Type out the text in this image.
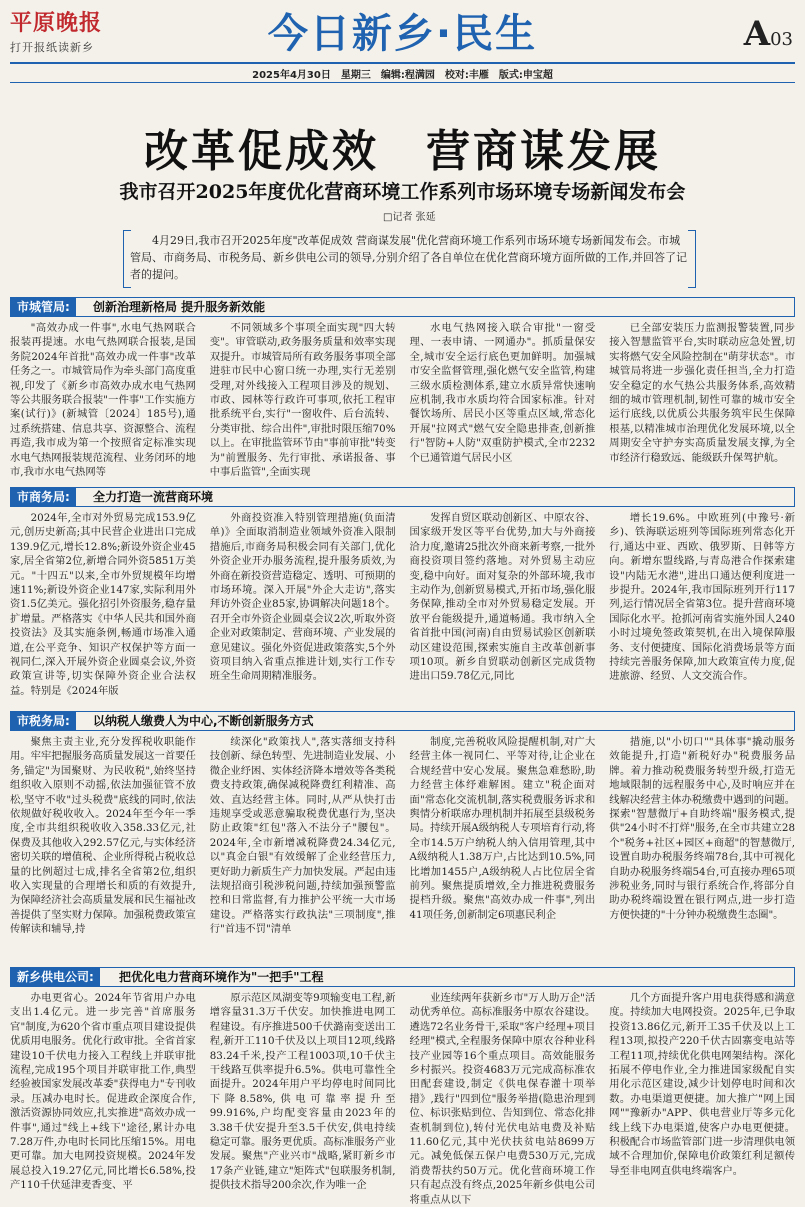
平原晚报
打开报纸读新乡	今日新乡·民生	A03
2025年4月30日　星期三　编辑:程满园　校对:丰雁　版式:申宝超
改革促成效　营商谋发展
我市召开2025年度优化营商环境工作系列市场环境专场新闻发布会
□记者 张延
4月29日,我市召开2025年度"改革促成效 营商谋发展"优化营商环境工作系列市场环境专场新闻发布会。市城管局、市商务局、市税务局、新乡供电公司的领导,分别介绍了各自单位在优化营商环境方面所做的工作,并回答了记者的提问。
市城管局:	创新治理新格局 提升服务新效能

"高效办成一件事",水电气热网联合报装再提速。水电气热网联合报装,是国务院2024年首批"高效办成一件事"改革任务之一。市城管局作为牵头部门高度重视,印发了《新乡市高效办成水电气热网等公共服务联合报装"一件事"工作实施方案(试行)》(新城管〔2024〕185号),通过系统搭建、信息共享、资源整合、流程再造,我市成为第一个按照省定标准实现水电气热网报装规范流程、业务闭环的地市,我市水电气热网等

不同领域多个事项全面实现"四大转变"。审管联动,政务服务质量和效率实现双提升。市城管局所有政务服务事项全部进驻市民中心窗口统一办理,实行无差别受理,对外线接入工程项目涉及的规划、市政、园林等行政许可事项,依托工程审批系统平台,实行"一窗收件、后台流转、分类审批、综合出件",审批时限压缩70%以上。在审批监管环节由"事前审批"转变为"前置服务、先行审批、承诺报备、事中事后监管",全面实现

水电气热网接入联合审批"一窗受理、一表申请、一网通办"。抓质量保安全,城市安全运行底色更加鲜明。加强城市安全监督管理,强化燃气安全监管,构建三级水质检测体系,建立水质异常快速响应机制,我市水质均符合国家标准。针对餐饮场所、居民小区等重点区域,常态化开展"拉网式"燃气安全隐患排查,创新推行"智防+人防"双重防护模式,全市2232个已通管道气居民小区

已全部安装压力监测报警装置,同步接入智慧监管平台,实时联动应急处置,切实将燃气安全风险控制在"萌芽状态"。市城管局将进一步强化责任担当,全力打造安全稳定的水气热公共服务体系,高效精细的城市管理机制,韧性可靠的城市安全运行底线,以优质公共服务筑牢民生保障根基,以精准城市治理优化发展环境,以全周期安全守护夯实高质量发展支撑,为全市经济行稳致远、能级跃升保驾护航。

市商务局:	全力打造一流营商环境

2024年,全市对外贸易完成153.9亿元,创历史新高;其中民营企业进出口完成139.9亿元,增长12.8%;新设外资企业45家,居全省第2位,新增合同外资5851万美元。"十四五"以来,全市外贸规模年均增速11%;新设外资企业147家,实际利用外资1.5亿美元。强化招引外资服务,稳存量扩增量。严格落实《中华人民共和国外商投资法》及其实施条例,畅通市场准入通道,在公平竞争、知识产权保护等方面一视同仁,深入开展外资企业圆桌会议,外资政策宣讲等,切实保障外资企业合法权益。特别是《2024年版

外商投资准入特别管理措施(负面清单)》全面取消制造业领域外资准入限制措施后,市商务局积极会同有关部门,优化外资企业开办服务流程,提升服务质效,为外商在新投资营造稳定、透明、可预期的市场环境。深入开展"外企大走访",落实拜访外资企业85家,协调解决问题18个。召开全市外资企业圆桌会议2次,听取外资企业对政策制定、营商环境、产业发展的意见建议。强化外资促进政策落实,5个外资项目纳入省重点推进计划,实行工作专班全生命周期精准服务。

发挥自贸区联动创新区、中原农谷、国家级开发区等平台优势,加大与外商接洽力度,邀请25批次外商来新考察,一批外商投资项目签约落地。对外贸易主动应变,稳中向好。面对复杂的外部环境,我市主动作为,创新贸易模式,开拓市场,强化服务保障,推动全市对外贸易稳定发展。开放平台能级提升,通道畅通。我市纳入全省首批中国(河南)自由贸易试验区创新联动区建设范围,探索实施自主改革创新事项10项。新乡自贸联动创新区完成货物进出口59.78亿元,同比

增长19.6%。中欧班列(中豫号·新乡)、铁海联运班列等国际班列常态化开行,通达中亚、西欧、俄罗斯、日韩等方向。新增东盟线路,与青岛港合作探索建设"内陆无水港",进出口通达便利度进一步提升。2024年,我市国际班列开行117列,运行情况居全省第3位。提升营商环境国际化水平。抢抓河南省实施外国人240小时过境免签政策契机,在出入境保障服务、支付便捷度、国际化消费场景等方面持续完善服务保障,加大政策宣传力度,促进旅游、经贸、人文交流合作。

市税务局:	以纳税人缴费人为中心,不断创新服务方式

聚焦主责主业,充分发挥税收职能作用。牢牢把握服务高质量发展这一首要任务,锚定"为国聚财、为民收税",始终坚持组织收入原则不动摇,依法加强征管不放松,坚守不收"过头税费"底线的同时,依法依规做好税收收入。2024年至今年一季度,全市共组织税收收入358.33亿元,社保费及其他收入292.57亿元,与实体经济密切关联的增值税、企业所得税占税收总量的比例超过七成,排名全省第2位,组织收入实现量的合理增长和质的有效提升,为保障经济社会高质量发展和民生福祉改善提供了坚实财力保障。加强税费政策宣传解读和辅导,持

续深化"政策找人",落实落细支持科技创新、绿色转型、先进制造业发展、小微企业纾困、实体经济降本增效等各类税费支持政策,确保减税降费红利精准、高效、直达经营主体。同时,从严从快打击违规享受或恶意骗取税费优惠行为,坚决防止政策"红包"落入不法分子"腰包"。2024年,全市新增减税降费24.34亿元,以"真金白银"有效缓解了企业经营压力,更好助力新质生产力加快发展。严起由违法规招商引税涉税问题,持续加强预警监控和日常监督,有力推护公平统一大市场建设。严格落实行政执法"三项制度",推行"首违不罚"清单

制度,完善税收风险提醒机制,对广大经营主体一视同仁、平等对待,让企业在合规经营中安心发展。聚焦急难愁盼,助力经营主体纾难解困。建立"税企面对面"常态化交流机制,落实税费服务诉求和舆情分析联席办理机制并拓展至县级税务局。持续开展A级纳税人专项培育行动,将全市14.5万户纳税人纳入信用管理,其中A级纳税人1.38万户,占比达到10.5%,同比增加1455户,A级纳税人占比位居全省前列。聚焦提质增效,全力推进税费服务提档升级。聚焦"高效办成一件事",列出41项任务,创新制定6项惠民利企

措施,以"小切口""具体事"撬动服务效能提升,打造"新税好办"税费服务品牌。着力推动税费服务转型升级,打造无地域限制的远程服务中心,及时响应并在线解决经营主体办税缴费中遇到的问题。探索"智慧微厅+自助终端"服务模式,提供"24小时不打烊"服务,在全市共建立28个"税务+社区+园区+商超"的智慧微厅,设置自助办税服务终端78台,其中可视化自助办税服务终端54台,可直接办理65项涉税业务,同时与银行系统合作,将部分自助办税终端设置在银行网点,进一步打造方便快捷的"十分钟办税缴费生态圈"。

新乡供电公司:	把优化电力营商环境作为"一把手"工程

办电更省心。2024年节省用户办电支出1.4亿元。进一步完善"首席服务官"制度,为620个省市重点项目建设提供优质用电服务。优化行政审批。全省首家建设10千伏电力接入工程线上并联审批流程,完成195个项目并联审批工作,典型经验被国家发展改革委"获得电力"专刊收录。压减办电时长。促进政企深度合作,激活资源协同效应,扎实推进"高效办成一件事",通过"线上+线下"途径,累计办电7.28万件,办电时长同比压缩15%。用电更可靠。加大电网投资规模。2024年发展总投入19.27亿元,同比增长6.58%,投产110千伏延津麦香变、平

原示范区凤湖变等9项输变电工程,新增容量31.3万千伏安。加快推进电网工程建设。有序推进500千伏潞南变送出工程,新开工110千伏及以上项目12项,线路83.24千米,投产工程1003项,10千伏主干线路互供率提升6.5%。供电可靠性全面提升。2024年用户平均停电时间同比下降8.58%,供电可靠率提升至99.916%,户均配变容量由2023年的3.38千伏安提升至3.5千伏安,供电持续稳定可靠。服务更优质。高标准服务产业发展。聚焦"产业兴市"战略,紧盯新乡市17条产业链,建立"矩阵式"包联服务机制,提供技术指导200余次,作为唯一企

业连续两年获新乡市"万人助万企"活动优秀单位。高标准服务中原农谷建设。遴选72名业务骨干,采取"客户经理+项目经理"模式,全程服务保障中原农谷种业科技产业园等16个重点项目。高效能服务乡村振兴。投资4683万元完成高标准农田配套建设,制定《供电保春灌十项举措》,践行"四到位"服务举措(隐患治理到位、标识张贴到位、告知到位、常态化排查机制到位),转付光伏电站电费及补贴11.60亿元,其中光伏扶贫电站8699万元。减免低保五保户电费530万元,完成消费帮扶约50万元。优化营商环境工作只有起点没有终点,2025年新乡供电公司将重点从以下

几个方面提升客户用电获得感和满意度。持续加大电网投资。2025年,已争取投资13.86亿元,新开工35千伏及以上工程13项,拟投产220千伏古固寨变电站等工程11项,持续优化供电网架结构。深化拓展不停电作业,全力推进国家级配自实用化示范区建设,减少计划停电时间和次数。办电渠道更便捷。加大推广"网上国网""豫新办"APP、供电营业厅等多元化线上线下办电渠道,使客户办电更便捷。积极配合市场监管部门进一步清理供电领域不合理加价,保障电价政策红利足额传导至非电网直供电终端客户。
